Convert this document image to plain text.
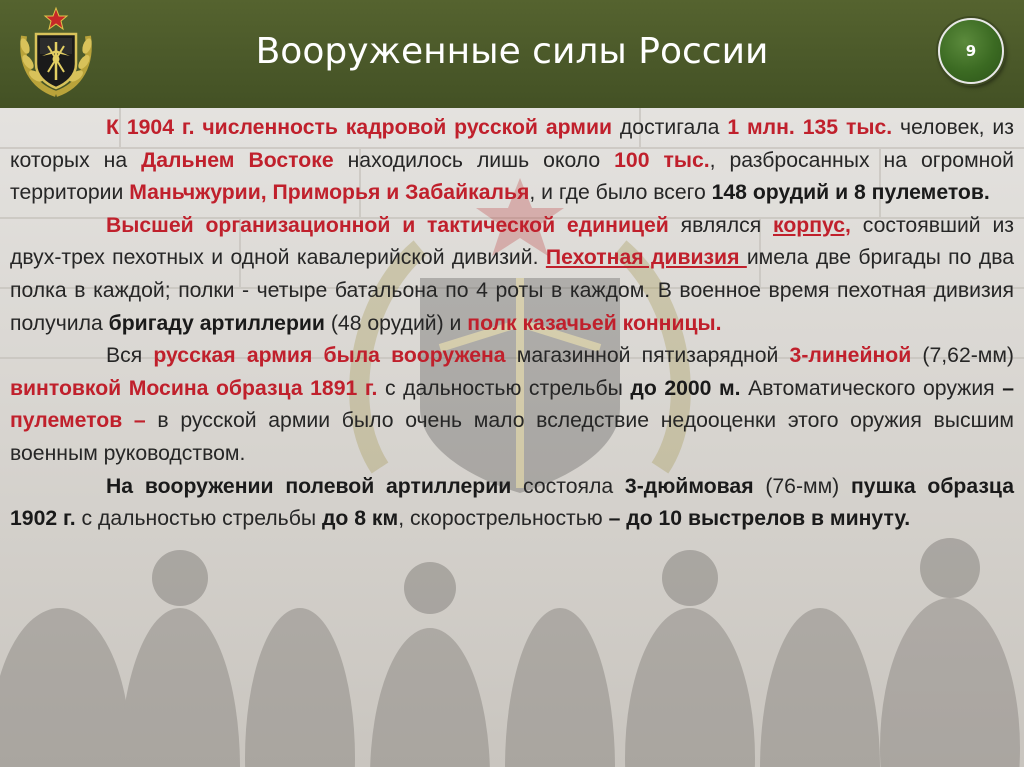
Вооруженные силы России	9

К 1904 г. численность кадровой русской армии достигала 1 млн. 135 тыс. человек, из которых на Дальнем Востоке находилось лишь около 100 тыс., разбросанных на огромной территории Маньчжурии, Приморья и Забайкалья, и где было всего 148 орудий и 8 пулеметов.

Высшей организационной и тактической единицей являлся корпус, состоявший из двух-трех пехотных и одной кавалерийской дивизий. Пехотная дивизия имела две бригады по два полка в каждой; полки - четыре батальона по 4 роты в каждом. В военное время пехотная дивизия получила бригаду артиллерии (48 орудий) и полк казачьей конницы.

Вся русская армия была вооружена магазинной пятизарядной 3-линейной (7,62-мм) винтовкой Мосина образца 1891 г. с дальностью стрельбы до 2000 м. Автоматического оружия – пулеметов – в русской армии было очень мало вследствие недооценки этого оружия высшим военным руководством.

На вооружении полевой артиллерии состояла 3-дюймовая (76-мм) пушка образца 1902 г. с дальностью стрельбы до 8 км, скорострельностью – до 10 выстрелов в минуту.
